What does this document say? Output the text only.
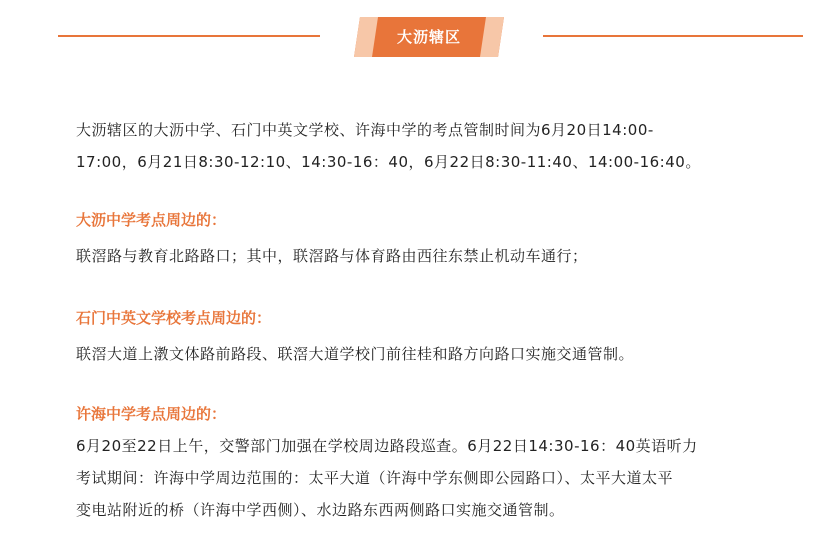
大沥辖区
大沥辖区的大沥中学、石门中英文学校、许海中学的考点管制时间为6月20日14:00-
17:00，6月21日8:30-12:10、14:30-16：40，6月22日8:30-11:40、14:00-16:40。
大沥中学考点周边的：
联滘路与教育北路路口；其中，联滘路与体育路由西往东禁止机动车通行；
石门中英文学校考点周边的：
联滘大道上漖文体路前路段、联滘大道学校门前往桂和路方向路口实施交通管制。
许海中学考点周边的：
6月20至22日上午，交警部门加强在学校周边路段巡查。6月22日14:30-16：40英语听力
考试期间：许海中学周边范围的：太平大道（许海中学东侧即公园路口）、太平大道太平
变电站附近的桥（许海中学西侧）、水边路东西两侧路口实施交通管制。
